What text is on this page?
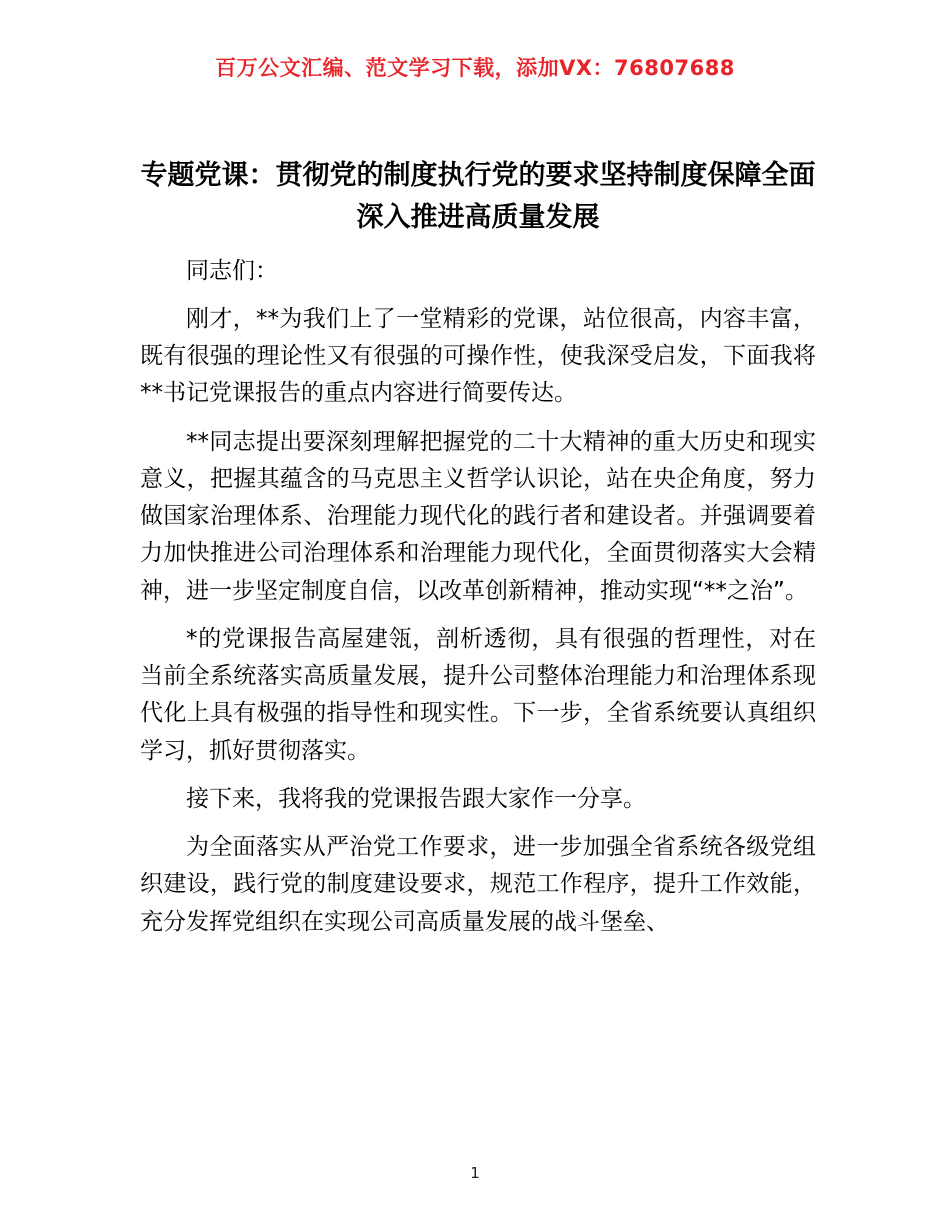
百万公文汇编、范文学习下载，添加VX：76807688
专题党课：贯彻党的制度执行党的要求坚持制度保障全面深入推进高质量发展

同志们：

刚才，**为我们上了一堂精彩的党课，站位很高，内容丰富，既有很强的理论性又有很强的可操作性，使我深受启发，下面我将**书记党课报告的重点内容进行简要传达。

**同志提出要深刻理解把握党的二十大精神的重大历史和现实意义，把握其蕴含的马克思主义哲学认识论，站在央企角度，努力做国家治理体系、治理能力现代化的践行者和建设者。并强调要着力加快推进公司治理体系和治理能力现代化，全面贯彻落实大会精神，进一步坚定制度自信，以改革创新精神，推动实现“**之治”。

*的党课报告高屋建瓴，剖析透彻，具有很强的哲理性，对在当前全系统落实高质量发展，提升公司整体治理能力和治理体系现代化上具有极强的指导性和现实性。下一步，全省系统要认真组织学习，抓好贯彻落实。

接下来，我将我的党课报告跟大家作一分享。

为全面落实从严治党工作要求，进一步加强全省系统各级党组织建设，践行党的制度建设要求，规范工作程序，提升工作效能，充分发挥党组织在实现公司高质量发展的战斗堡垒、

1
